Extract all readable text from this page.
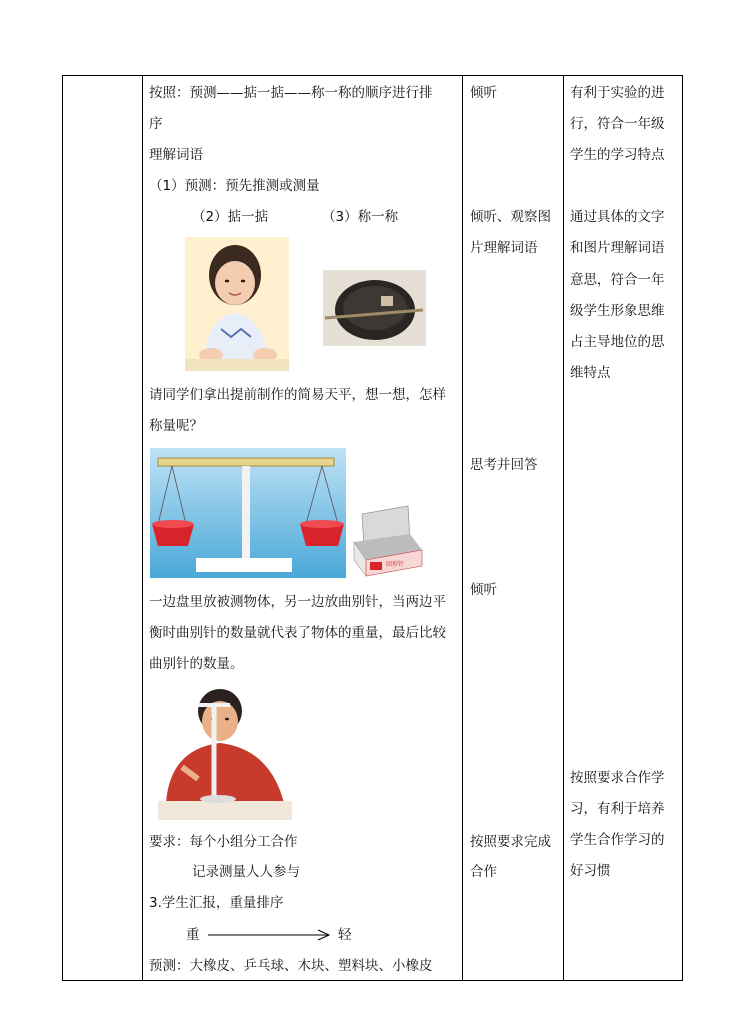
按照：预测——掂一掂——称一称的顺序进行排
序
理解词语
（1）预测：预先推测或测量
（2）掂一掂	（3）称一称
请同学们拿出提前制作的简易天平，想一想，怎样
称量呢？
回形针
一边盘里放被测物体，另一边放曲别针，当两边平
衡时曲别针的数量就代表了物体的重量，最后比较
曲别针的数量。
要求：每个小组分工合作
记录测量人人参与
3.学生汇报，重量排序
重	轻
预测：大橡皮、乒乓球、木块、塑料块、小橡皮
倾听
倾听、观察图
片理解词语
思考并回答
倾听
按照要求完成
合作
有利于实验的进
行，符合一年级
学生的学习特点
通过具体的文字
和图片理解词语
意思，符合一年
级学生形象思维
占主导地位的思
维特点
按照要求合作学
习，有利于培养
学生合作学习的
好习惯
